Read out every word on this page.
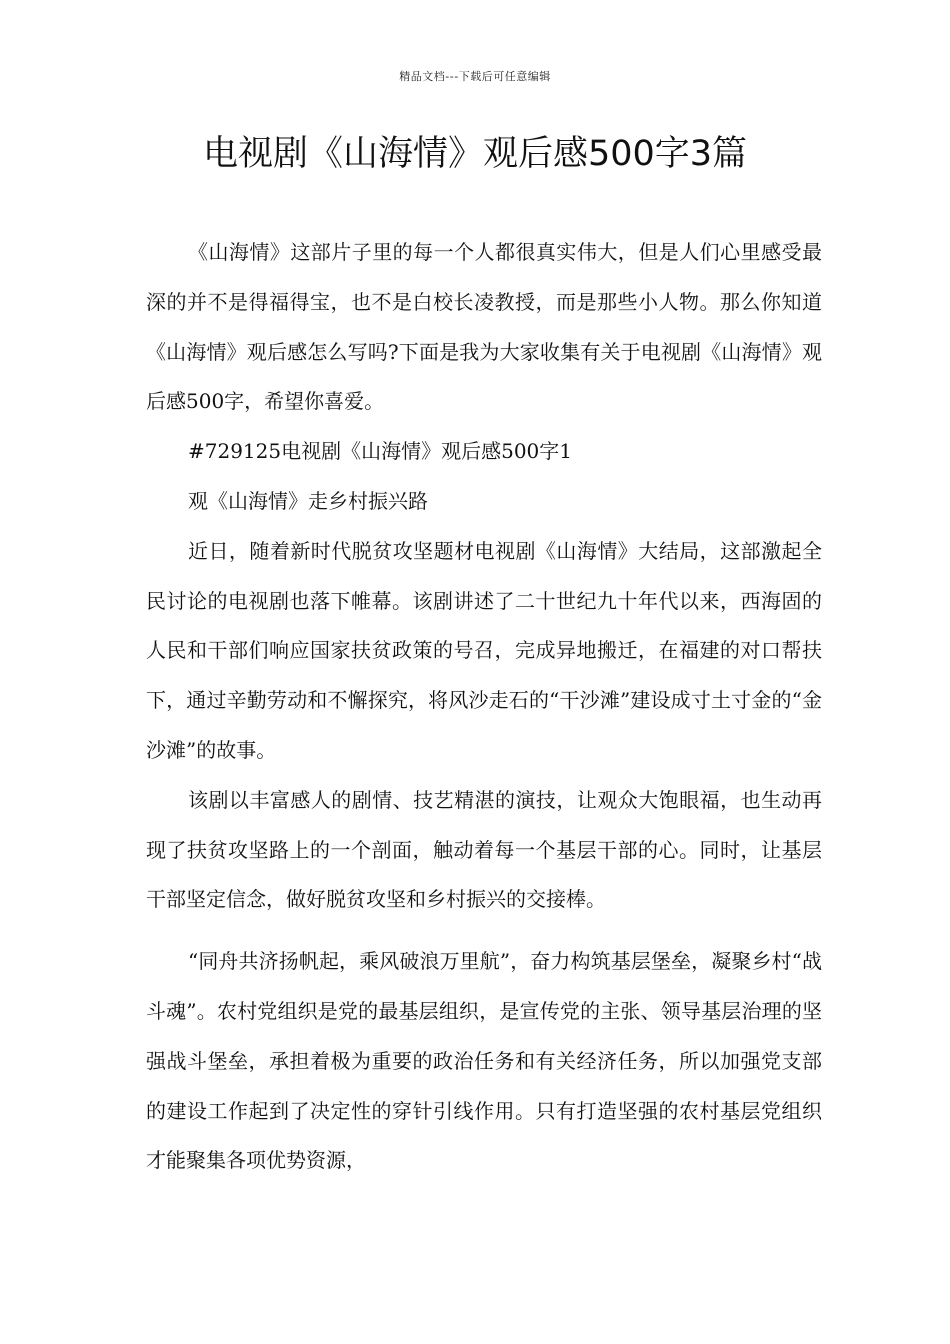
精品文档---下载后可任意编辑
电视剧《山海情》观后感500字3篇

《山海情》这部片子里的每一个人都很真实伟大，但是人们心里感受最深的并不是得福得宝，也不是白校长凌教授，而是那些小人物。那么你知道《山海情》观后感怎么写吗?下面是我为大家收集有关于电视剧《山海情》观后感500字，希望你喜爱。

#729125电视剧《山海情》观后感500字1

观《山海情》走乡村振兴路

近日，随着新时代脱贫攻坚题材电视剧《山海情》大结局，这部激起全民讨论的电视剧也落下帷幕。该剧讲述了二十世纪九十年代以来，西海固的人民和干部们响应国家扶贫政策的号召，完成异地搬迁，在福建的对口帮扶下，通过辛勤劳动和不懈探究，将风沙走石的“干沙滩”建设成寸土寸金的“金沙滩”的故事。

该剧以丰富感人的剧情、技艺精湛的演技，让观众大饱眼福，也生动再现了扶贫攻坚路上的一个剖面，触动着每一个基层干部的心。同时，让基层干部坚定信念，做好脱贫攻坚和乡村振兴的交接棒。

“同舟共济扬帆起，乘风破浪万里航”，奋力构筑基层堡垒，凝聚乡村“战斗魂”。农村党组织是党的最基层组织，是宣传党的主张、领导基层治理的坚强战斗堡垒，承担着极为重要的政治任务和有关经济任务，所以加强党支部的建设工作起到了决定性的穿针引线作用。只有打造坚强的农村基层党组织才能聚集各项优势资源，
